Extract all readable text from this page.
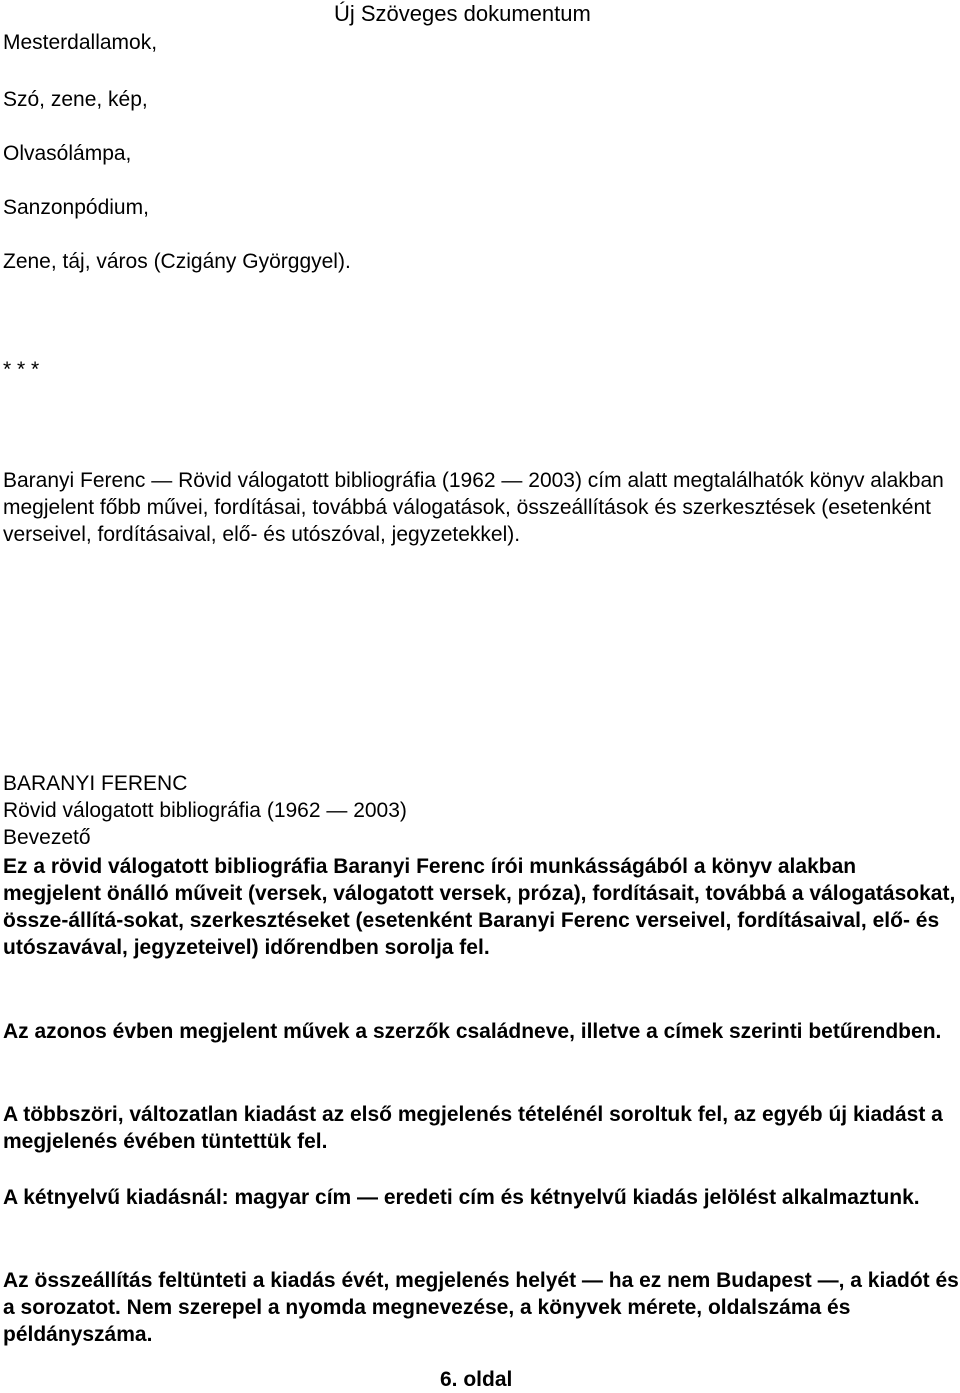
Új Szöveges dokumentum
Mesterdallamok,
Szó, zene, kép,
Olvasólámpa,
Sanzonpódium,
Zene, táj, város (Czigány Györggyel).
* * *
Baranyi Ferenc — Rövid válogatott bibliográfia (1962 — 2003) cím alatt megtalálhatók könyv alakban megjelent főbb művei, fordításai, továbbá válogatások, összeállítások és szerkesztések (esetenként verseivel, fordításaival, elő- és utószóval, jegyzetekkel).
BARANYI FERENC
Rövid válogatott bibliográfia (1962 — 2003)
Bevezető
Ez a rövid válogatott bibliográfia Baranyi Ferenc írói munkásságából a könyv alakban megjelent önálló műveit (versek, válogatott versek, próza), fordításait, továbbá a válogatásokat, össze-állítá-sokat, szerkesztéseket (esetenként Baranyi Ferenc verseivel, fordításaival, elő- és utószavával, jegyzeteivel) időrendben sorolja fel.
Az azonos évben megjelent művek a szerzők családneve, illetve a címek szerinti betűrendben.
A többszöri, változatlan kiadást az első megjelenés tételénél soroltuk fel, az egyéb új kiadást a megjelenés évében tüntettük fel.
A kétnyelvű kiadásnál: magyar cím — eredeti cím és kétnyelvű kiadás jelölést alkalmaztunk.
Az összeállítás feltünteti a kiadás évét, megjelenés helyét — ha ez nem Budapest —, a kiadót és a sorozatot. Nem szerepel a nyomda megnevezése, a könyvek mérete, oldalszáma és példányszáma.
6. oldal
